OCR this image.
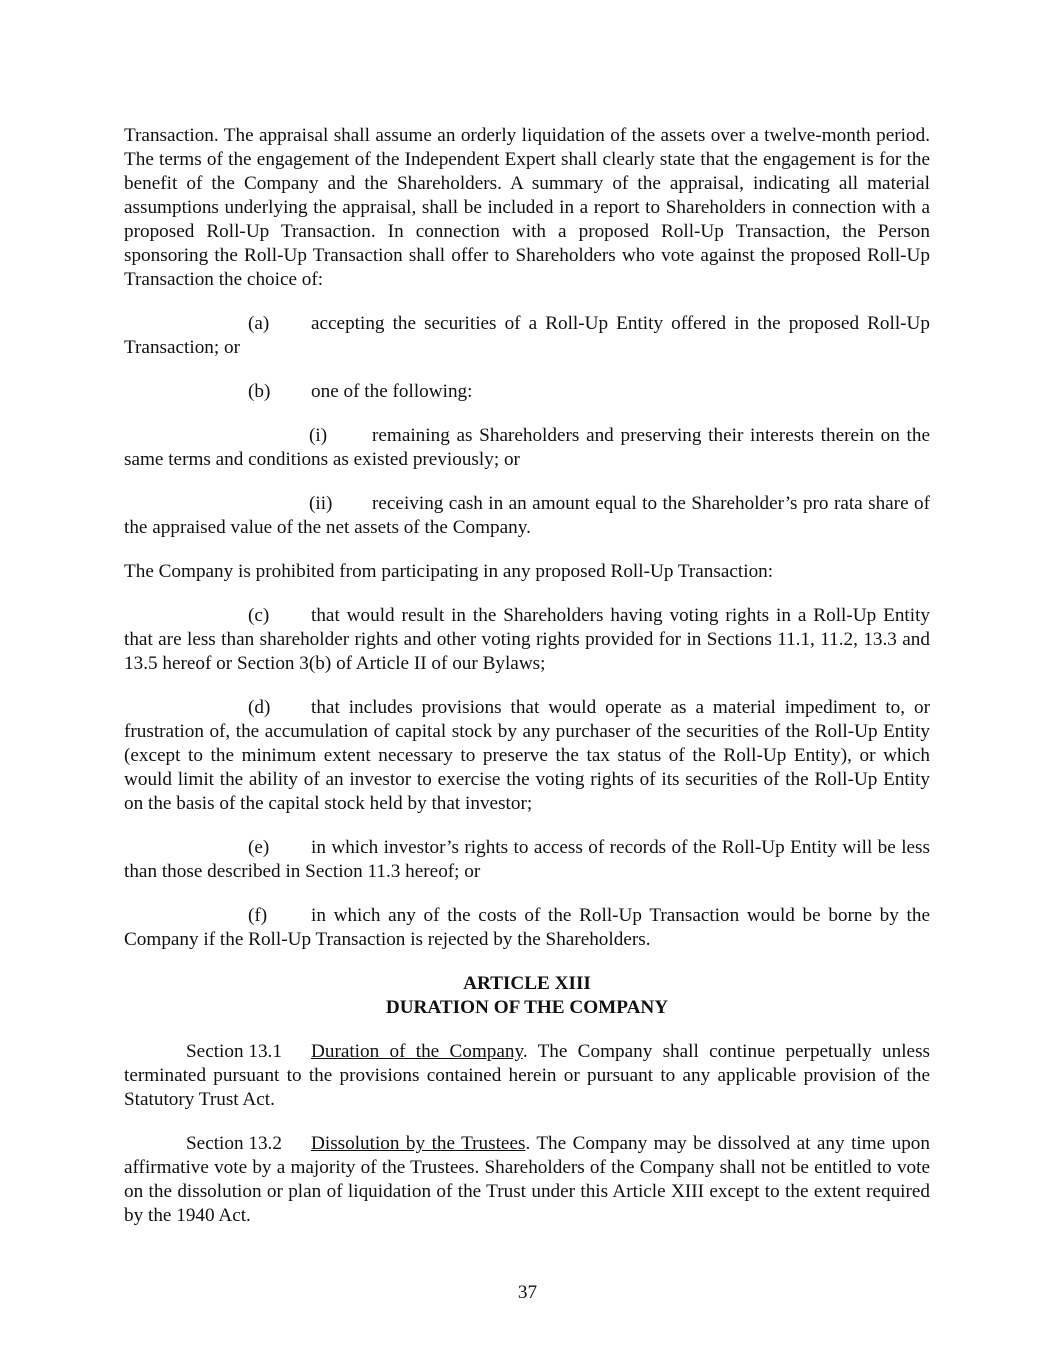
Transaction. The appraisal shall assume an orderly liquidation of the assets over a twelve-month period. The terms of the engagement of the Independent Expert shall clearly state that the engagement is for the benefit of the Company and the Shareholders. A summary of the appraisal, indicating all material assumptions underlying the appraisal, shall be included in a report to Shareholders in connection with a proposed Roll-Up Transaction. In connection with a proposed Roll-Up Transaction, the Person sponsoring the Roll-Up Transaction shall offer to Shareholders who vote against the proposed Roll-Up Transaction the choice of:

(a) accepting the securities of a Roll-Up Entity offered in the proposed Roll-Up Transaction; or

(b) one of the following:

(i) remaining as Shareholders and preserving their interests therein on the same terms and conditions as existed previously; or

(ii) receiving cash in an amount equal to the Shareholder’s pro rata share of the appraised value of the net assets of the Company.

The Company is prohibited from participating in any proposed Roll-Up Transaction:

(c) that would result in the Shareholders having voting rights in a Roll-Up Entity that are less than shareholder rights and other voting rights provided for in Sections 11.1, 11.2, 13.3 and 13.5 hereof or Section 3(b) of Article II of our Bylaws;

(d) that includes provisions that would operate as a material impediment to, or frustration of, the accumulation of capital stock by any purchaser of the securities of the Roll-Up Entity (except to the minimum extent necessary to preserve the tax status of the Roll-Up Entity), or which would limit the ability of an investor to exercise the voting rights of its securities of the Roll-Up Entity on the basis of the capital stock held by that investor;

(e) in which investor’s rights to access of records of the Roll-Up Entity will be less than those described in Section 11.3 hereof; or

(f) in which any of the costs of the Roll-Up Transaction would be borne by the Company if the Roll-Up Transaction is rejected by the Shareholders.

ARTICLE XIII

DURATION OF THE COMPANY

Section 13.1 Duration of the Company. The Company shall continue perpetually unless terminated pursuant to the provisions contained herein or pursuant to any applicable provision of the Statutory Trust Act.

Section 13.2 Dissolution by the Trustees. The Company may be dissolved at any time upon affirmative vote by a majority of the Trustees. Shareholders of the Company shall not be entitled to vote on the dissolution or plan of liquidation of the Trust under this Article XIII except to the extent required by the 1940 Act.

37
